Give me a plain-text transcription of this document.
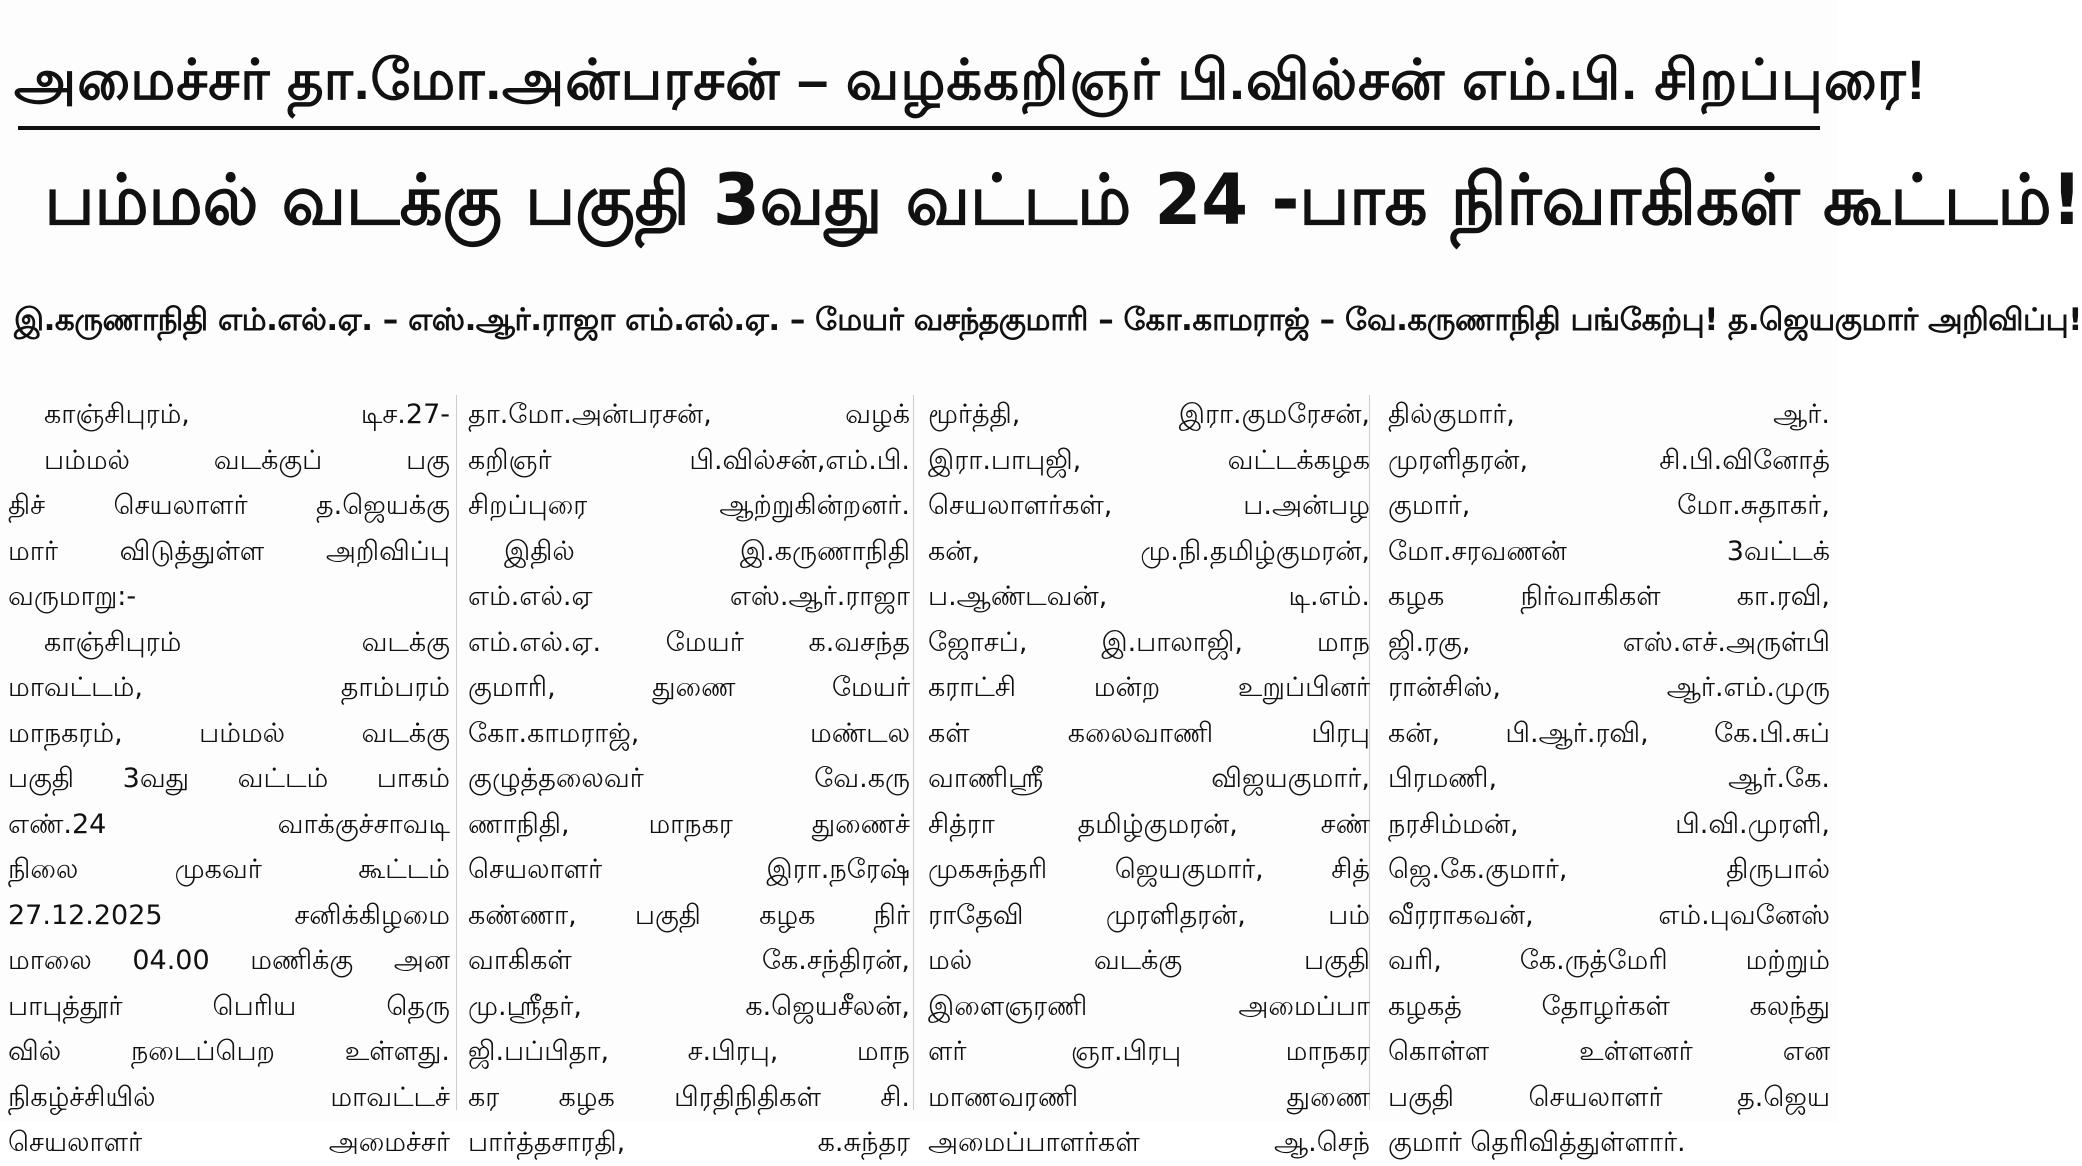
அமைச்சர் தா.மோ.அன்பரசன் – வழக்கறிஞர் பி.வில்சன் எம்.பி. சிறப்புரை!
பம்மல் வடக்கு பகுதி 3வது வட்டம் 24 -பாக நிர்வாகிகள் கூட்டம்!
இ.கருணாநிதி எம்.எல்.ஏ. – எஸ்.ஆர்.ராஜா எம்.எல்.ஏ. – மேயர் வசந்தகுமாரி – கோ.காமராஜ் – வே.கருணாநிதி பங்கேற்பு! த.ஜெயகுமார் அறிவிப்பு!

காஞ்சிபுரம், டிச.27-

பம்மல் வடக்குப் பகு

திச் செயலாளர் த.ஜெயக்கு

மார் விடுத்துள்ள அறிவிப்பு

வருமாறு:-

காஞ்சிபுரம் வடக்கு

மாவட்டம், தாம்பரம்

மாநகரம், பம்மல் வடக்கு

பகுதி 3வது வட்டம் பாகம்

எண்.24 வாக்குச்சாவடி

நிலை முகவர் கூட்டம்

27.12.2025 சனிக்கிழமை

மாலை 04.00 மணிக்கு அன

பாபுத்தூர் பெரிய தெரு

வில் நடைப்பெற உள்ளது.

நிகழ்ச்சியில் மாவட்டச்

செயலாளர் அமைச்சர்

தா.மோ.அன்பரசன், வழக்

கறிஞர் பி.வில்சன்,எம்.பி.

சிறப்புரை ஆற்றுகின்றனர்.

இதில் இ.கருணாநிதி

எம்.எல்.ஏ எஸ்.ஆர்.ராஜா

எம்.எல்.ஏ. மேயர் க.வசந்த

குமாரி, துணை மேயர்

கோ.காமராஜ், மண்டல

குழுத்தலைவர் வே.கரு

ணாநிதி, மாநகர துணைச்

செயலாளர் இரா.நரேஷ்

கண்ணா, பகுதி கழக நிர்

வாகிகள் கே.சந்திரன்,

மு.ஸ்ரீதர், க.ஜெயசீலன்,

ஜி.பப்பிதா, ச.பிரபு, மாந

கர கழக பிரதிநிதிகள் சி.

பார்த்தசாரதி, க.சுந்தர

மூர்த்தி, இரா.குமரேசன்,

இரா.பாபுஜி, வட்டக்கழக

செயலாளர்கள், ப.அன்பழ

கன், மு.நி.தமிழ்குமரன்,

ப.ஆண்டவன், டி.எம்.

ஜோசப், இ.பாலாஜி, மாந

கராட்சி மன்ற உறுப்பினர்

கள் கலைவாணி பிரபு

வாணிஸ்ரீ விஜயகுமார்,

சித்ரா தமிழ்குமரன், சண்

முகசுந்தரி ஜெயகுமார், சித்

ராதேவி முரளிதரன், பம்

மல் வடக்கு பகுதி

இளைஞரணி அமைப்பா

ளர் ஞா.பிரபு மாநகர

மாணவரணி துணை

அமைப்பாளர்கள் ஆ.செந்

தில்குமார், ஆர்.

முரளிதரன், சி.பி.வினோத்

குமார், மோ.சுதாகர்,

மோ.சரவணன் 3வட்டக்

கழக நிர்வாகிகள் கா.ரவி,

ஜி.ரகு, எஸ்.எச்.அருள்பி

ரான்சிஸ், ஆர்.எம்.முரு

கன், பி.ஆர்.ரவி, கே.பி.சுப்

பிரமணி, ஆர்.கே.

நரசிம்மன், பி.வி.முரளி,

ஜெ.கே.குமார், திருபால்

வீரராகவன், எம்.புவனேஸ்

வரி, கே.ருத்மேரி மற்றும்

கழகத் தோழர்கள் கலந்து

கொள்ள உள்ளனர் என

பகுதி செயலாளர் த.ஜெய

குமார் தெரிவித்துள்ளார்.
